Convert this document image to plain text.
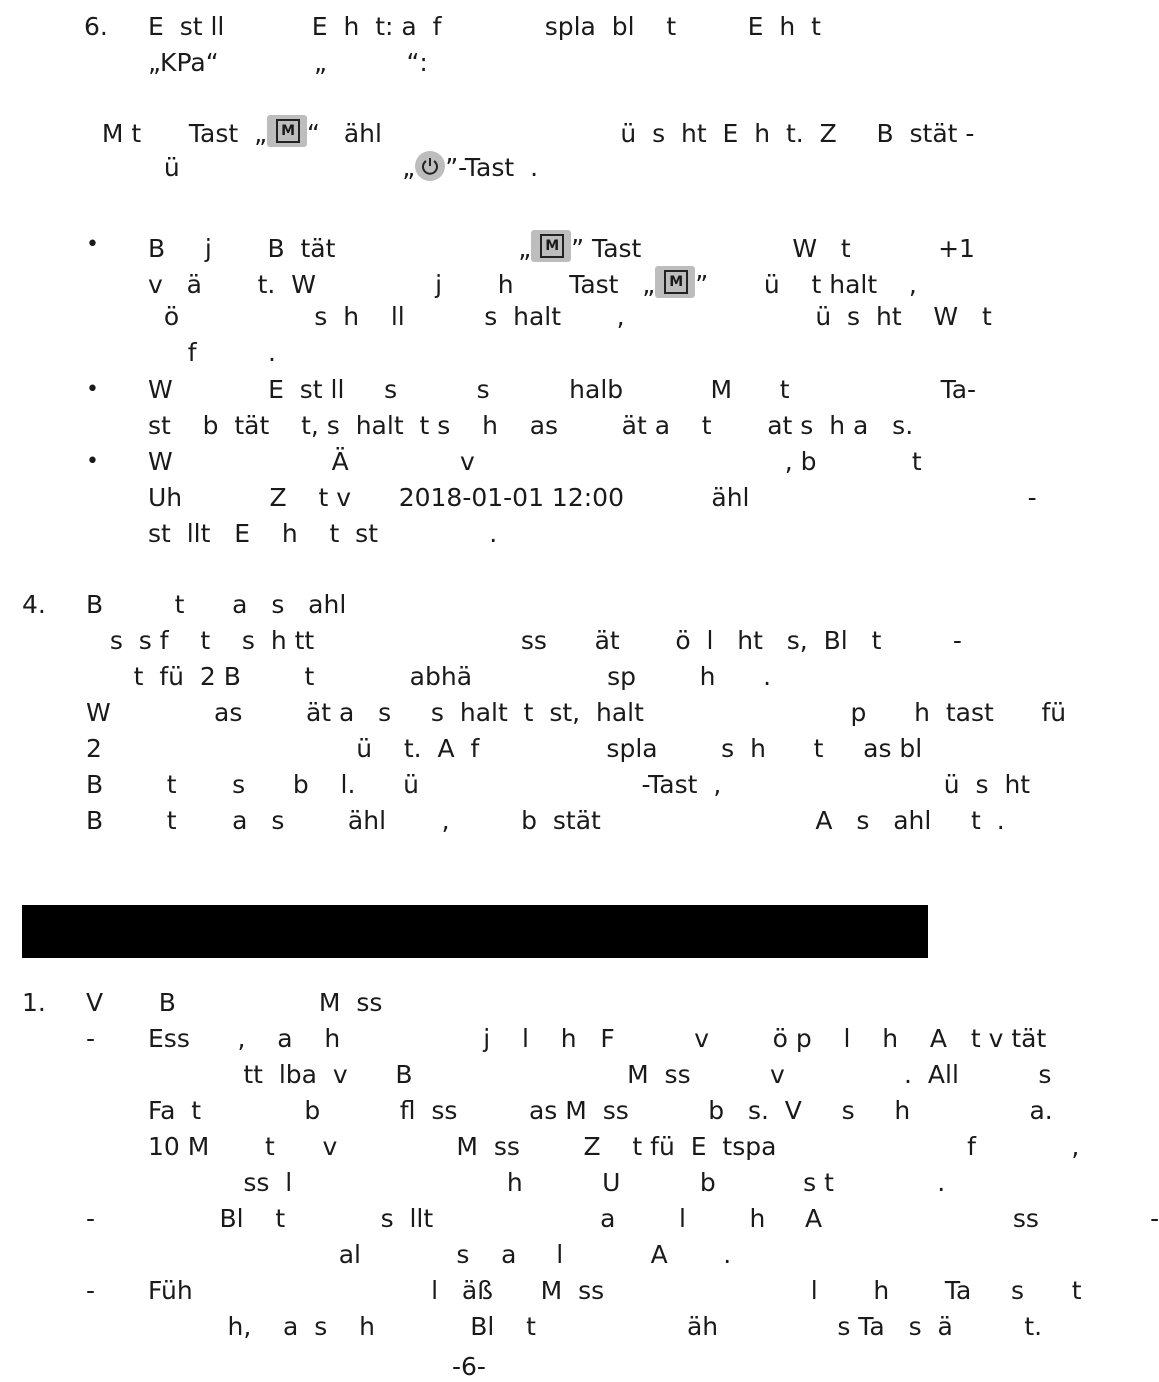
6. E  st ll           E  h  t: a  f             spla  bl    t         E  h  t
„KPa“            „          “:

M t      Tast  „	M “   ähl                              ü  s  ht  E  h  t.  Z     B  stät -

ü                            „ ”-Tast  .

• B     j       B  tät                       „	M ” Tast                   W   t           +1
v   ä       t.  W               j       h       Tast   „	M ”       ü    t halt    ,
ö                 s  h    ll          s  halt       ,                        ü  s  ht    W   t
f         .
• W            E  st ll     s          s          halb           M      t                   Ta-
st    b  tät    t, s  halt  t s    h    as        ät a    t       at s  h a   s.
• W                    Ä              v                                       , b            t
Uh           Z    t v      2018-01-01 12:00           ähl                                   -
st  llt   E    h    t  st              .
4. B         t      a   s   ahl
s  s f    t    s  h tt                          ss      ät       ö  l   ht   s,  Bl   t         -
t  fü  2 B        t            abhä                 sp        h      .
W             as        ät a   s     s  halt  t  st,  halt                          p      h  tast      fü
2                                ü    t.  A  f                spla        s  h      t     as bl
B        t       s      b    l.      ü                            -Tast  ,                            ü  s  ht
B        t       a   s        ähl       ,         b  stät                           A   s   ahl     t  .
1. V       B                  M  ss
- Ess      ,    a    h                  j    l    h   F          v        ö p    l    h    A   t v tät
tt  lba  v      B                           M  ss          v               .  All          s
Fa  t             b          fl  ss         as M  ss          b   s.  V     s     h               a.
10 M       t      v               M  ss        Z    t fü  E  tspa                        f            ,
ss  l                           h          U          b           s t             .
- Bl    t            s  llt                     a        l        h     A                        ss              -
al            s    a     l           A       .
- Füh                              l   äß      M  ss                          l       h       Ta     s      t
h,    a  s    h            Bl    t                   äh               s Ta   s  ä         t.
-6-
